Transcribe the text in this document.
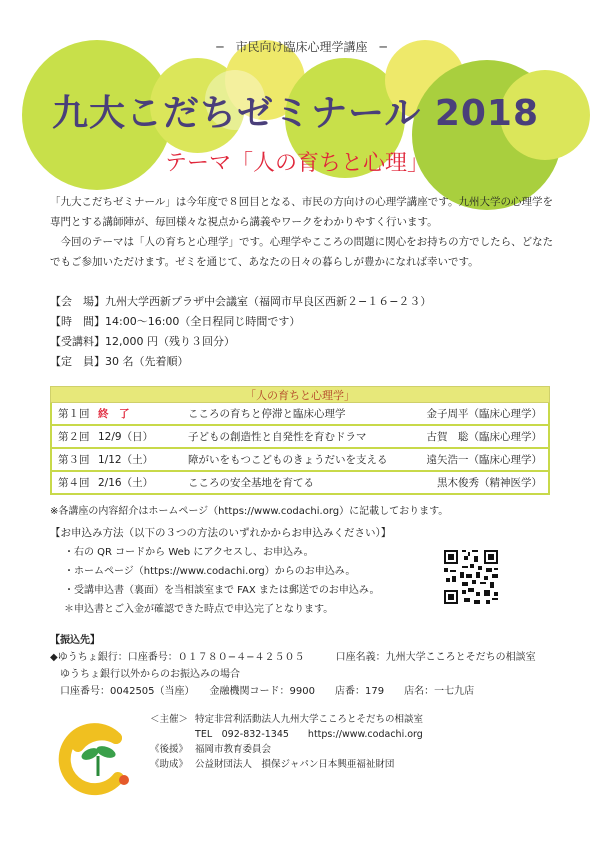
─　市民向け臨床心理学講座　─
九大こだちゼミナール 2018
テーマ「人の育ちと心理」

「九大こだちゼミナール」は今年度で８回目となる、市民の方向けの心理学講座です。九州大学の心理学を専門とする講師陣が、毎回様々な視点から講義やワークをわかりやすく行います。

　今回のテーマは「人の育ちと心理学」です。心理学やこころの問題に関心をお持ちの方でしたら、どなたでもご参加いただけます。ゼミを通じて、あなたの日々の暮らしが豊かになれば幸いです。

【会　場】九州大学西新プラザ中会議室（福岡市早良区西新２−１６−２３）
【時　間】14:00〜16:00（全日程同じ時間です）
【受講料】12,000 円（残り３回分）
【定　員】30 名（先着順）
「人の育ちと心理学」
第１回 終　了	こころの育ちと停滞と臨床心理学	金子周平（臨床心理学）
第２回 12/9（日）	子どもの創造性と自発性を育むドラマ	古賀　聡（臨床心理学）
第３回 1/12（土）	障がいをもつこどものきょうだいを支える	遠矢浩一（臨床心理学）
第４回 2/16（土）	こころの安全基地を育てる	黒木俊秀（精神医学）
※各講座の内容紹介はホームページ（https://www.codachi.org）に記載しております。
【お申込み方法（以下の３つの方法のいずれかからお申込みください）】
・右の QR コードから Web にアクセスし、お申込み。
・ホームページ（https://www.codachi.org）からのお申込み。
・受講申込書（裏面）を当相談室まで FAX または郵送でのお申込み。
＊申込書とご入金が確認できた時点で申込完了となります。
【振込先】
◆ゆうちょ銀行：口座番号：０１７８０−４−４２５０５	口座名義：九州大学こころとそだちの相談室
　ゆうちょ銀行以外からのお振込みの場合
　口座番号：0042505（当座）　　金融機関コード：9900　　店番：179　　店名：一七九店
＜主催＞ 特定非営利活動法人九州大学こころとそだちの相談室
TEL　092-832-1345　　https://www.codachi.org
《後援》 福岡市教育委員会
《助成》 公益財団法人　損保ジャパン日本興亜福祉財団
